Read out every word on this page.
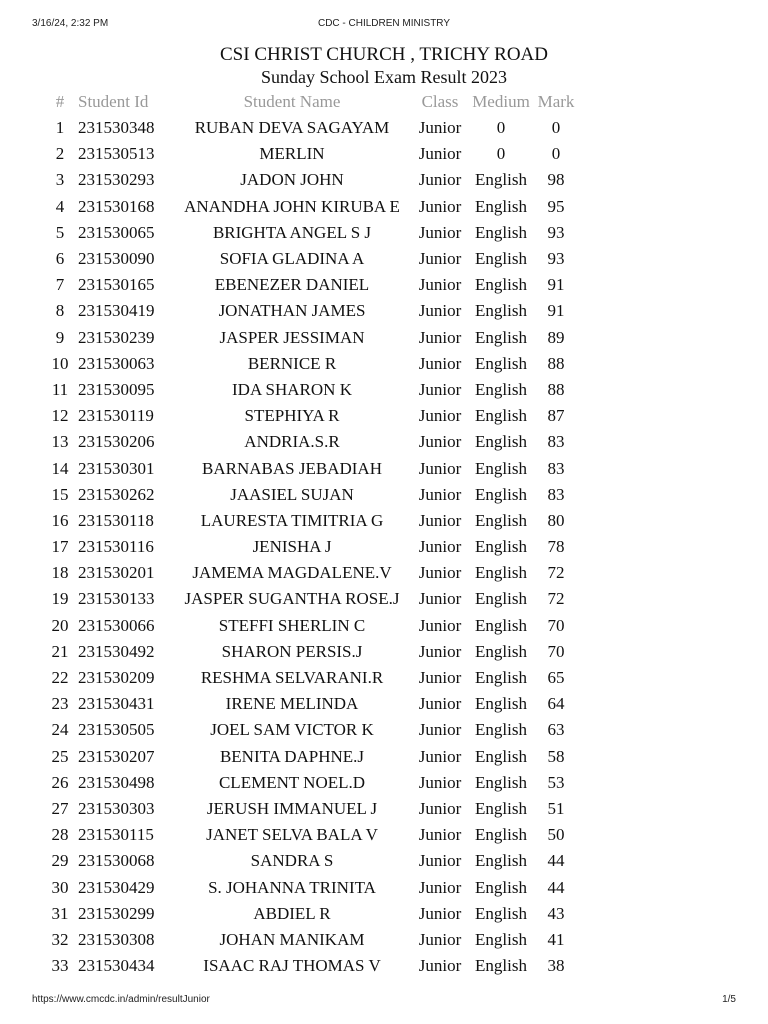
3/16/24, 2:32 PM	CDC - CHILDREN MINISTRY
CSI CHRIST CHURCH , TRICHY ROAD
Sunday School Exam Result 2023
#	Student Id	Student Name	Class	Medium	Mark
1	231530348	RUBAN DEVA SAGAYAM	Junior	0	0
2	231530513	MERLIN	Junior	0	0
3	231530293	JADON JOHN	Junior	English	98
4	231530168	ANANDHA JOHN KIRUBA E	Junior	English	95
5	231530065	BRIGHTA ANGEL S J	Junior	English	93
6	231530090	SOFIA GLADINA A	Junior	English	93
7	231530165	EBENEZER DANIEL	Junior	English	91
8	231530419	JONATHAN JAMES	Junior	English	91
9	231530239	JASPER JESSIMAN	Junior	English	89
10	231530063	BERNICE R	Junior	English	88
11	231530095	IDA SHARON K	Junior	English	88
12	231530119	STEPHIYA R	Junior	English	87
13	231530206	ANDRIA.S.R	Junior	English	83
14	231530301	BARNABAS JEBADIAH	Junior	English	83
15	231530262	JAASIEL SUJAN	Junior	English	83
16	231530118	LAURESTA TIMITRIA G	Junior	English	80
17	231530116	JENISHA J	Junior	English	78
18	231530201	JAMEMA MAGDALENE.V	Junior	English	72
19	231530133	JASPER SUGANTHA ROSE.J	Junior	English	72
20	231530066	STEFFI SHERLIN C	Junior	English	70
21	231530492	SHARON PERSIS.J	Junior	English	70
22	231530209	RESHMA SELVARANI.R	Junior	English	65
23	231530431	IRENE MELINDA	Junior	English	64
24	231530505	JOEL SAM VICTOR K	Junior	English	63
25	231530207	BENITA DAPHNE.J	Junior	English	58
26	231530498	CLEMENT NOEL.D	Junior	English	53
27	231530303	JERUSH IMMANUEL J	Junior	English	51
28	231530115	JANET SELVA BALA V	Junior	English	50
29	231530068	SANDRA S	Junior	English	44
30	231530429	S. JOHANNA TRINITA	Junior	English	44
31	231530299	ABDIEL R	Junior	English	43
32	231530308	JOHAN MANIKAM	Junior	English	41
33	231530434	ISAAC RAJ THOMAS V	Junior	English	38
https://www.cmcdc.in/admin/resultJunior	1/5
